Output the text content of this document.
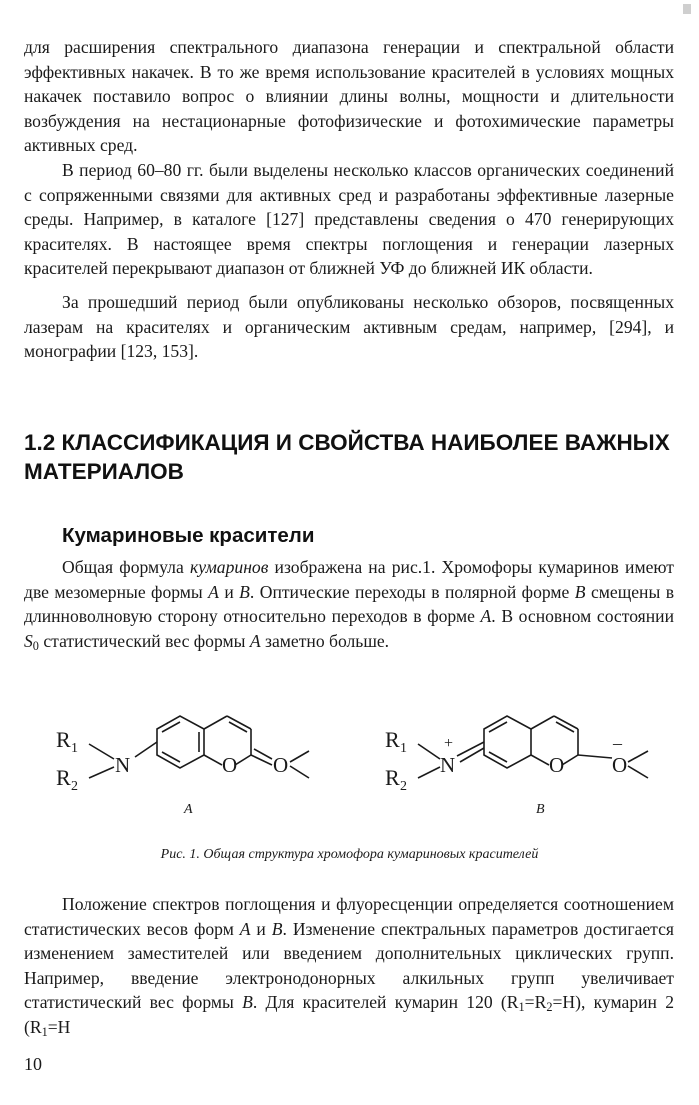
для расширения спектрального диапазона генерации и спектральной области эффективных накачек. В то же время использование красителей в условиях мощных накачек поставило вопрос о влиянии длины волны, мощности и длительности возбуждения на нестационарные фотофизические и фотохимические параметры активных сред.

В период 60–80 гг. были выделены несколько классов органических соединений с сопряженными связями для активных сред и разработаны эффективные лазерные среды. Например, в каталоге [127] представлены сведения о 470 генерирующих красителях. В настоящее время спектры поглощения и генерации лазерных красителей перекрывают диапазон от ближней УФ до ближней ИК области.

За прошедший период были опубликованы несколько обзоров, посвященных лазерам на красителях и органическим активным средам, например, [294], и монографии [123, 153].

1.2 КЛАССИФИКАЦИЯ И СВОЙСТВА НАИБОЛЕЕ ВАЖНЫХ МАТЕРИАЛОВ
Кумариновые красители

Общая формула кумаринов изображена на рис.1. Хромофоры кумаринов имеют две мезомерные формы A и B. Оптические переходы в полярной форме B смещены в длинноволновую сторону относительно переходов в форме A. В основном состоянии $S_0$ статистический вес формы A заметно больше.

O O
N
R 1
R 2
O O
–
N
+
R 1
R 2
A	B

Рис. 1. Общая структура хромофора кумариновых красителей

Положение спектров поглощения и флуоресценции определяется соотношением статистических весов форм A и B. Изменение спектральных параметров достигается изменением заместителей или введением дополнительных циклических групп. Например, введение электронодонорных алкильных групп увеличивает статистический вес формы B. Для красителей кумарин 120 $(R_1=R_2=H)$, кумарин 2 ($R_1=H$

10
